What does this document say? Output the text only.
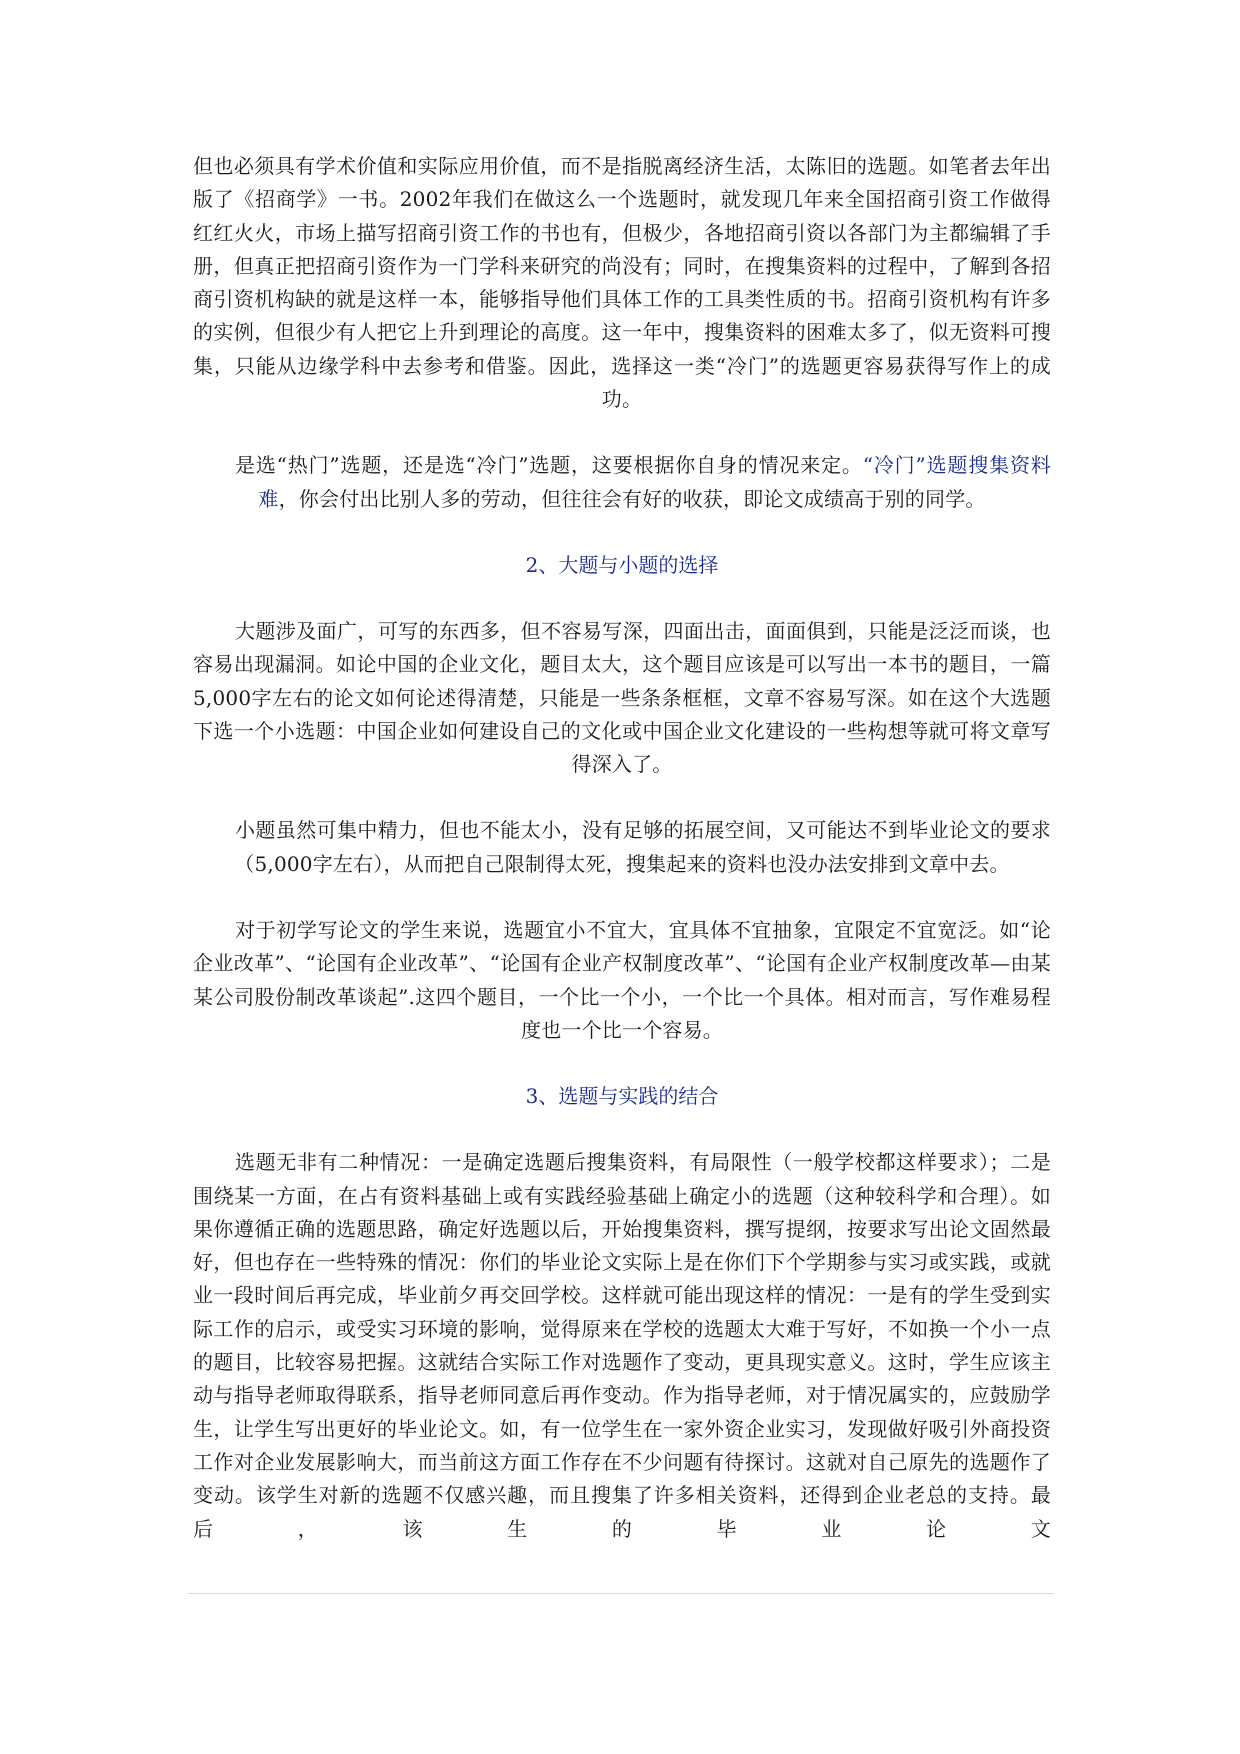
但也必须具有学术价值和实际应用价值，而不是指脱离经济生活，太陈旧的选题。如笔者去年出版了《招商学》一书。2002年我们在做这么一个选题时，就发现几年来全国招商引资工作做得红红火火，市场上描写招商引资工作的书也有，但极少，各地招商引资以各部门为主都编辑了手册，但真正把招商引资作为一门学科来研究的尚没有；同时，在搜集资料的过程中，了解到各招商引资机构缺的就是这样一本，能够指导他们具体工作的工具类性质的书。招商引资机构有许多的实例，但很少有人把它上升到理论的高度。这一年中，搜集资料的困难太多了，似无资料可搜集，只能从边缘学科中去参考和借鉴。因此，选择这一类“冷门”的选题更容易获得写作上的成功。

是选“热门”选题，还是选“冷门”选题，这要根据你自身的情况来定。“冷门”选题搜集资料难，你会付出比别人多的劳动，但往往会有好的收获，即论文成绩高于别的同学。

2、大题与小题的选择

大题涉及面广，可写的东西多，但不容易写深，四面出击，面面俱到，只能是泛泛而谈，也容易出现漏洞。如论中国的企业文化，题目太大，这个题目应该是可以写出一本书的题目，一篇5,000字左右的论文如何论述得清楚，只能是一些条条框框，文章不容易写深。如在这个大选题下选一个小选题：中国企业如何建设自己的文化或中国企业文化建设的一些构想等就可将文章写得深入了。

小题虽然可集中精力，但也不能太小，没有足够的拓展空间，又可能达不到毕业论文的要求（5,000字左右），从而把自己限制得太死，搜集起来的资料也没办法安排到文章中去。

对于初学写论文的学生来说，选题宜小不宜大，宜具体不宜抽象，宜限定不宜宽泛。如“论企业改革”、“论国有企业改革”、“论国有企业产权制度改革”、“论国有企业产权制度改革—由某某公司股份制改革谈起”.这四个题目，一个比一个小，一个比一个具体。相对而言，写作难易程度也一个比一个容易。

3、选题与实践的结合

选题无非有二种情况：一是确定选题后搜集资料，有局限性（一般学校都这样要求）；二是围绕某一方面，在占有资料基础上或有实践经验基础上确定小的选题（这种较科学和合理）。如果你遵循正确的选题思路，确定好选题以后，开始搜集资料，撰写提纲，按要求写出论文固然最好，但也存在一些特殊的情况：你们的毕业论文实际上是在你们下个学期参与实习或实践，或就业一段时间后再完成，毕业前夕再交回学校。这样就可能出现这样的情况：一是有的学生受到实际工作的启示，或受实习环境的影响，觉得原来在学校的选题太大难于写好，不如换一个小一点的题目，比较容易把握。这就结合实际工作对选题作了变动，更具现实意义。这时，学生应该主动与指导老师取得联系，指导老师同意后再作变动。作为指导老师，对于情况属实的，应鼓励学生，让学生写出更好的毕业论文。如，有一位学生在一家外资企业实习，发现做好吸引外商投资工作对企业发展影响大，而当前这方面工作存在不少问题有待探讨。这就对自己原先的选题作了变动。该学生对新的选题不仅感兴趣，而且搜集了许多相关资料，还得到企业老总的支持。最后，该生的毕业论文
